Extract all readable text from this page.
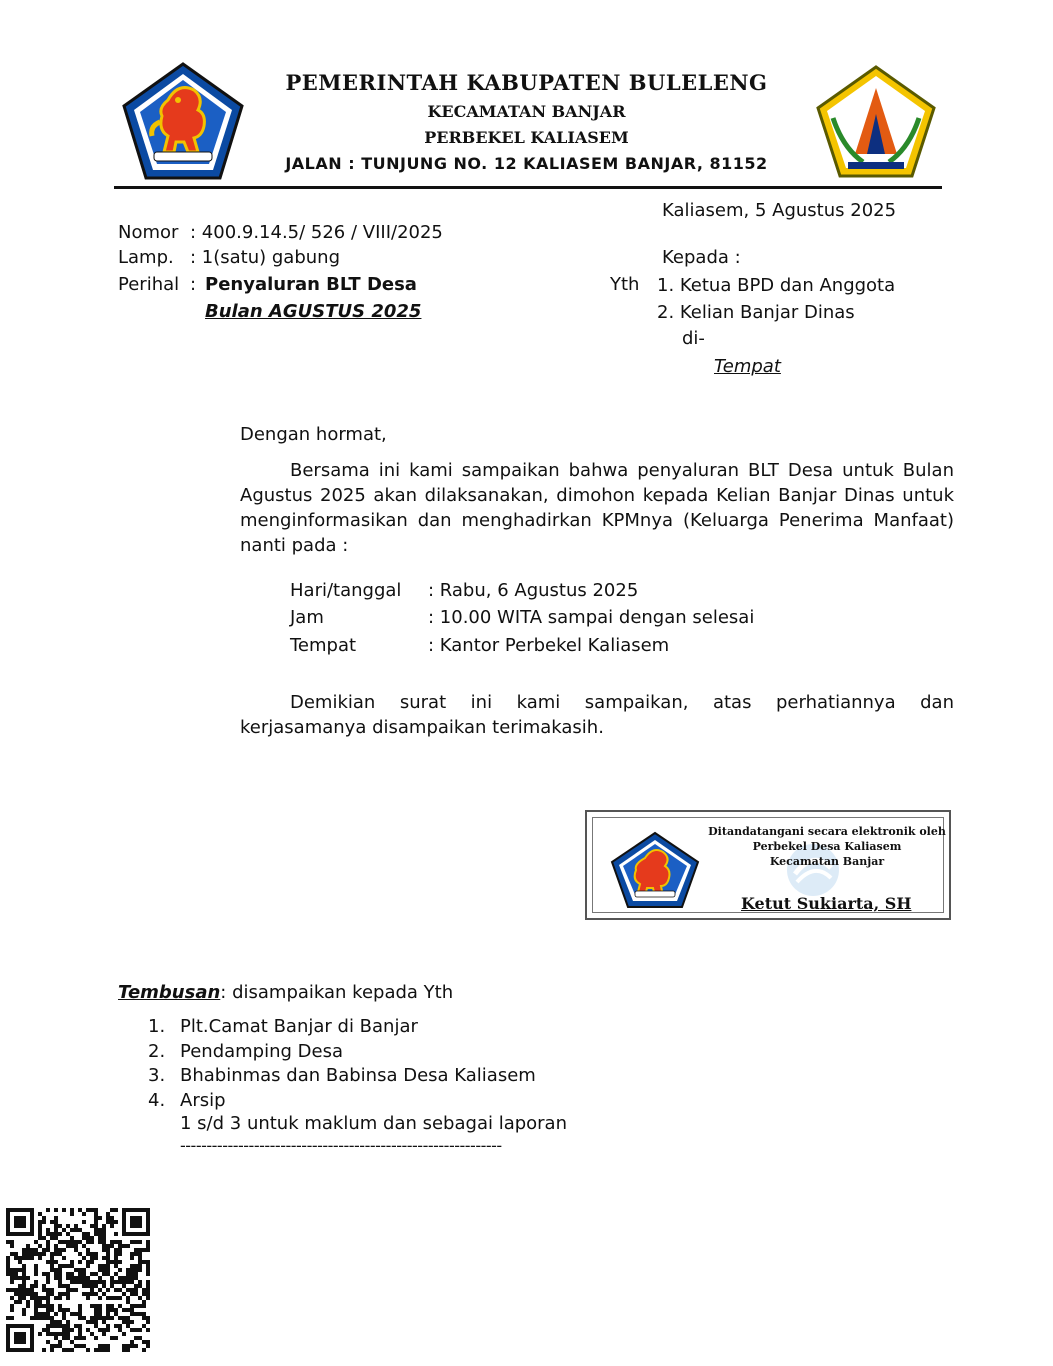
PEMERINTAH KABUPATEN BULELENG
KECAMATAN BANJAR
PERBEKEL KALIASEM
JALAN : TUNJUNG NO. 12 KALIASEM BANJAR, 81152
Kaliasem, 5 Agustus 2025
Nomor : 400.9.14.5/ 526 / VIII/2025
Lamp. : 1(satu) gabung
Perihal : Penyaluran BLT Desa
Bulan AGUSTUS 2025
Kepada :
Yth 1. Ketua BPD dan Anggota
2. Kelian Banjar Dinas
di-
Tempat
Dengan hormat,
Bersama ini kami sampaikan bahwa penyaluran BLT Desa untuk Bulan Agustus 2025 akan dilaksanakan, dimohon kepada Kelian Banjar Dinas untuk menginformasikan dan menghadirkan KPMnya (Keluarga Penerima Manfaat) nanti pada :
Hari/tanggal : Rabu, 6 Agustus 2025
Jam	: 10.00 WITA sampai dengan selesai
Tempat	: Kantor Perbekel Kaliasem
Demikian surat ini kami sampaikan, atas perhatiannya dan kerjasamanya disampaikan terimakasih.
Ditandatangani secara elektronik oleh
Perbekel Desa Kaliasem
Kecamatan Banjar
Ketut Sukiarta, SH
Tembusan: disampaikan kepada Yth
1. Plt.Camat Banjar di Banjar
2. Pendamping Desa
3. Bhabinmas dan Babinsa Desa Kaliasem
4. Arsip
1 s/d 3 untuk maklum dan sebagai laporan
-------------------------------------------------------------
